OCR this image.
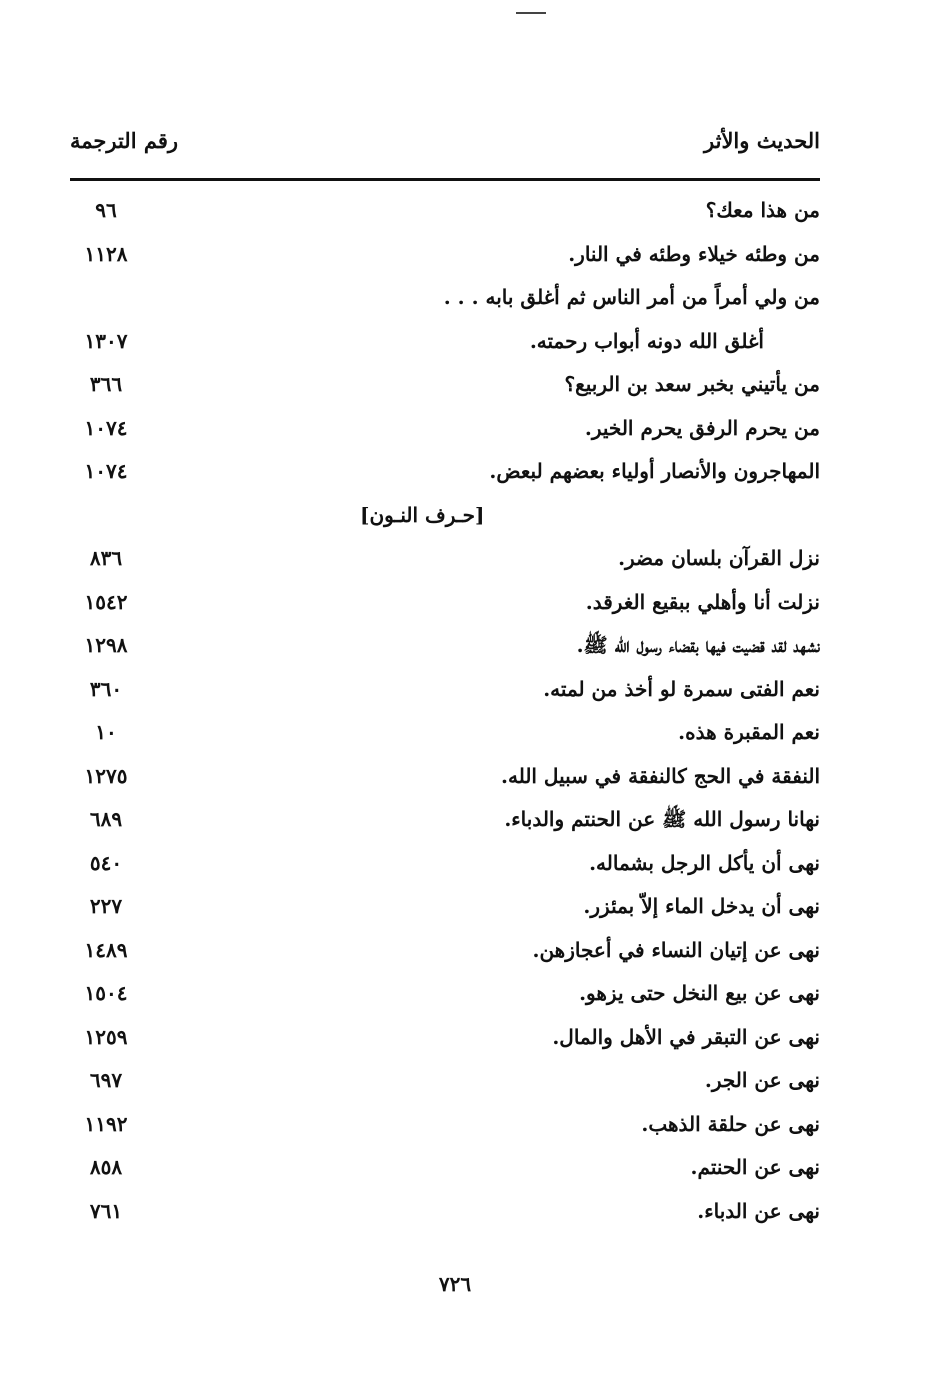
الحديث والأثر
رقم الترجمة
من هذا معك؟
٩٦
من وطئه خيلاء وطئه في النار.
١١٢٨
من ولي أمراً من أمر الناس ثم أغلق بابه . . .
أغلق الله دونه أبواب رحمته.
١٣٠٧
من يأتيني بخبر سعد بن الربيع؟
٣٦٦
من يحرم الرفق يحرم الخير.
١٠٧٤
المهاجرون والأنصار أولياء بعضهم لبعض.
١٠٧٤
[حـرف النـون]
نزل القرآن بلسان مضر.
٨٣٦
نزلت أنا وأهلي ببقيع الغرقد.
١٥٤٢
نشهد لقد قضيت فيها بقضاء رسول الله ﷺ.
١٢٩٨
نعم الفتى سمرة لو أخذ من لمته.
٣٦٠
نعم المقبرة هذه.
١٠
النفقة في الحج كالنفقة في سبيل الله.
١٢٧٥
نهانا رسول الله ﷺ عن الحنتم والدباء.
٦٨٩
نهى أن يأكل الرجل بشماله.
٥٤٠
نهى أن يدخل الماء إلاّ بمئزر.
٢٢٧
نهى عن إتيان النساء في أعجازهن.
١٤٨٩
نهى عن بيع النخل حتى يزهو.
١٥٠٤
نهى عن التبقر في الأهل والمال.
١٢٥٩
نهى عن الجر.
٦٩٧
نهى عن حلقة الذهب.
١١٩٢
نهى عن الحنتم.
٨٥٨
نهى عن الدباء.
٧٦١
٧٢٦
